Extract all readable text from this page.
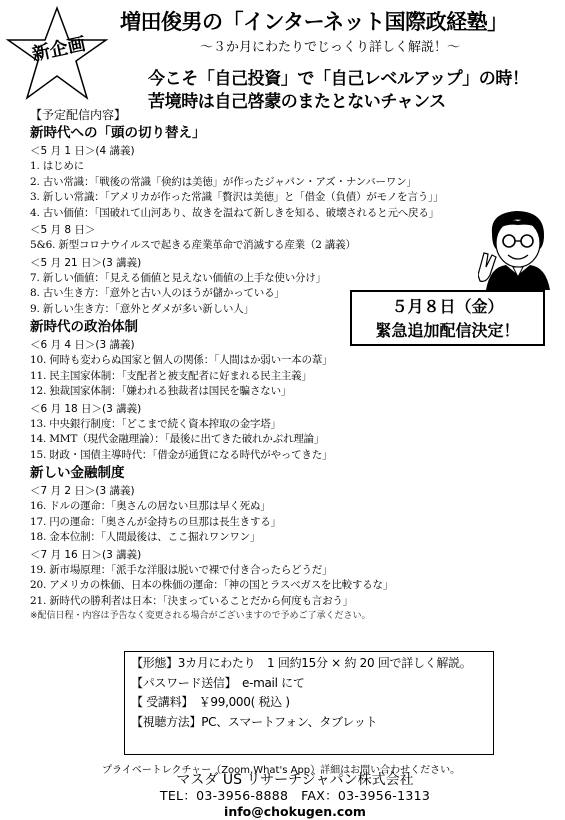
新企画
増田俊男の「インターネット国際政経塾」
～３か月にわたりでじっくり詳しく解説！～
今こそ「自己投資」で「自己レベルアップ」の時！
苦境時は自己啓蒙のまたとないチャンス
【予定配信内容】
新時代への「頭の切り替え」
＜5 月 1 日＞(4 講義)
1. はじめに
2. 古い常識：「戦後の常識「倹約は美徳」が作ったジャパン・アズ・ナンバーワン」
3. 新しい常識：「アメリカが作った常識「贅沢は美徳」と「借金（負債）がモノを言う」」
4. 古い価値：「国破れて山河あり、故きを温ねて新しきを知る、破壊されると元へ戻る」
＜5 月 8 日＞
5&6. 新型コロナウイルスで起きる産業革命で消滅する産業（2 講義）
＜5 月 21 日＞(3 講義)
7. 新しい価値：「見える価値と見えない価値の上手な使い分け」
8. 古い生き方：「意外と古い人のほうが儲かっている」
9. 新しい生き方：「意外とダメが多い新しい人」
新時代の政治体制
＜6 月 4 日＞(3 講義)
10. 何時も変わらぬ国家と個人の関係：「人間はか弱い一本の葦」
11. 民主国家体制：「支配者と被支配者に好まれる民主主義」
12. 独裁国家体制：「嫌われる独裁者は国民を騙さない」
＜6 月 18 日＞(3 講義)
13. 中央銀行制度：「どこまで続く資本搾取の金字塔」
14. MMT（現代金融理論）：「最後に出てきた破れかぶれ理論」
15. 財政・国債主導時代：「借金が通貨になる時代がやってきた」
新しい金融制度
＜7 月 2 日＞(3 講義)
16. ドルの運命：「奥さんの居ない旦那は早く死ぬ」
17. 円の運命：「奥さんが金持ちの旦那は長生きする」
18. 金本位制：「人間最後は、ここ掘れワンワン」
＜7 月 16 日＞(3 講義)
19. 新市場原理：「派手な洋服は脱いで裸で付き合ったらどうだ」
20. アメリカの株価、日本の株価の運命：「神の国とラスベガスを比較するな」
21. 新時代の勝利者は日本：「決まっていることだから何度も言おう」
※配信日程・内容は予告なく変更される場合がございますので予めご了承ください。
５月８日（金）
緊急追加配信決定！
【形態】3カ月にわたり　1 回約15分 × 約 20 回で詳しく解説。
【パスワード送信】　e-mail にて
【 受講料】　￥99,000( 税込 )
【視聴方法】PC、スマートフォン、タブレット
プライベートレクチャー（Zoom,What's App）詳細はお問い合わせください。
マスダ US リサーチジャパン株式会社
TEL：03-3956-8888　FAX：03-3956-1313
info@chokugen.com
